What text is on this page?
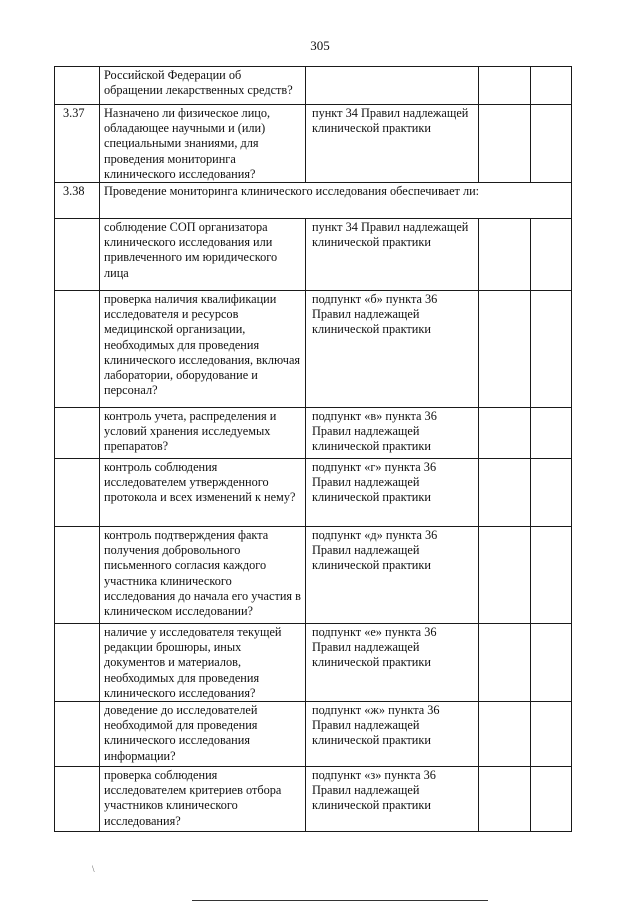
305
	Российской Федерации об обращении лекарственных средств?			
3.37	Назначено ли физическое лицо, обладающее научными и (или) специальными знаниями, для проведения мониторинга клинического исследования?	пункт 34 Правил надлежащей клинической практики		
3.38	Проведение мониторинга клинического исследования обеспечивает ли:			
	соблюдение СОП организатора клинического исследования или привлеченного им юридического лица	пункт 34 Правил надлежащей клинической практики		
	проверка наличия квалификации исследователя и ресурсов медицинской организации, необходимых для проведения клинического исследования, включая лаборатории, оборудование и персонал?	подпункт «б» пункта 36 Правил надлежащей клинической практики		
	контроль учета, распределения и условий хранения исследуемых препаратов?	подпункт «в» пункта 36 Правил надлежащей клинической практики		
	контроль соблюдения исследователем утвержденного протокола и всех изменений к нему?	подпункт «г» пункта 36 Правил надлежащей клинической практики		
	контроль подтверждения факта получения добровольного письменного согласия каждого участника клинического исследования до начала его участия в клиническом исследовании?	подпункт «д» пункта 36 Правил надлежащей клинической практики		
	наличие у исследователя текущей редакции брошюры, иных документов и материалов, необходимых для проведения клинического исследования?	подпункт «е» пункта 36 Правил надлежащей клинической практики		
	доведение до исследователей необходимой для проведения клинического исследования информации?	подпункт «ж» пункта 36 Правил надлежащей клинической практики		
	проверка соблюдения исследователем критериев отбора участников клинического исследования?	подпункт «з» пункта 36 Правил надлежащей клинической практики		
\
